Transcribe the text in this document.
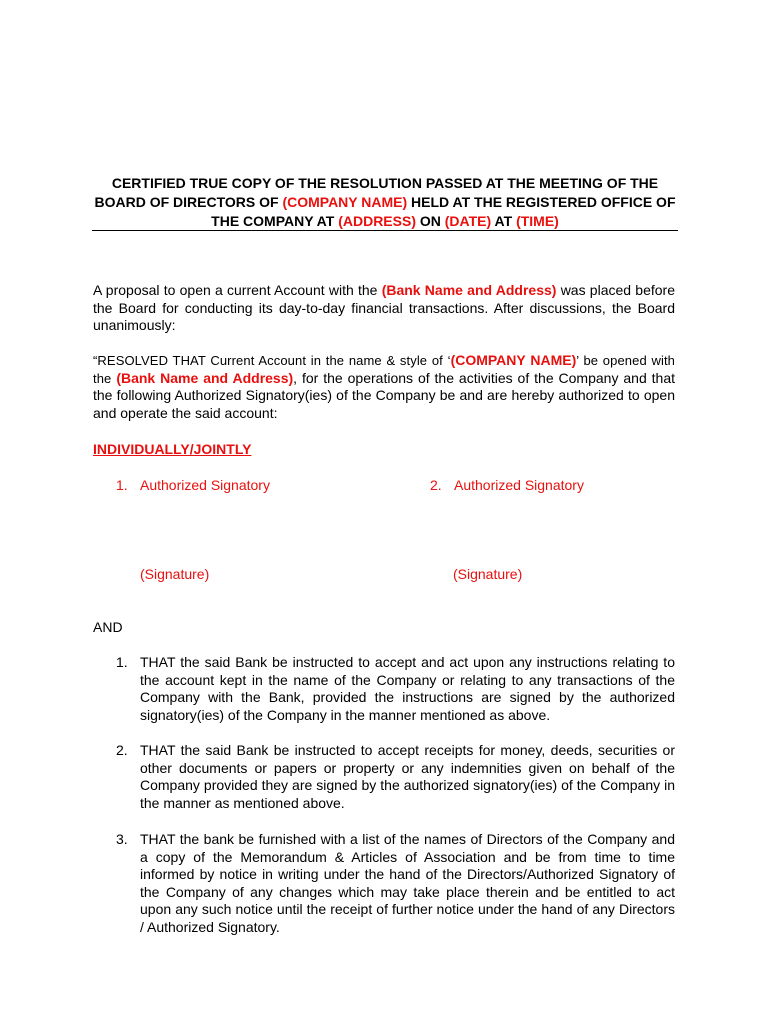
CERTIFIED TRUE COPY OF THE RESOLUTION PASSED AT THE MEETING OF THE BOARD OF DIRECTORS OF (COMPANY NAME) HELD AT THE REGISTERED OFFICE OF THE COMPANY AT (ADDRESS) ON (DATE) AT (TIME)
A proposal to open a current Account with the (Bank Name and Address) was placed before the Board for conducting its day-to-day financial transactions. After discussions, the Board unanimously:
“RESOLVED THAT Current Account in the name & style of ‘(COMPANY NAME)’ be opened with the (Bank Name and Address), for the operations of the activities of the Company and that the following Authorized Signatory(ies) of the Company be and are hereby authorized to open and operate the said account:
INDIVIDUALLY/JOINTLY
1. Authorized Signatory	2. Authorized Signatory
(Signature)	(Signature)
AND
1. THAT the said Bank be instructed to accept and act upon any instructions relating to the account kept in the name of the Company or relating to any transactions of the Company with the Bank, provided the instructions are signed by the authorized signatory(ies) of the Company in the manner mentioned as above.
2. THAT the said Bank be instructed to accept receipts for money, deeds, securities or other documents or papers or property or any indemnities given on behalf of the Company provided they are signed by the authorized signatory(ies) of the Company in the manner as mentioned above.
3. THAT the bank be furnished with a list of the names of Directors of the Company and a copy of the Memorandum & Articles of Association and be from time to time informed by notice in writing under the hand of the Directors/Authorized Signatory of the Company of any changes which may take place therein and be entitled to act upon any such notice until the receipt of further notice under the hand of any Directors / Authorized Signatory.
